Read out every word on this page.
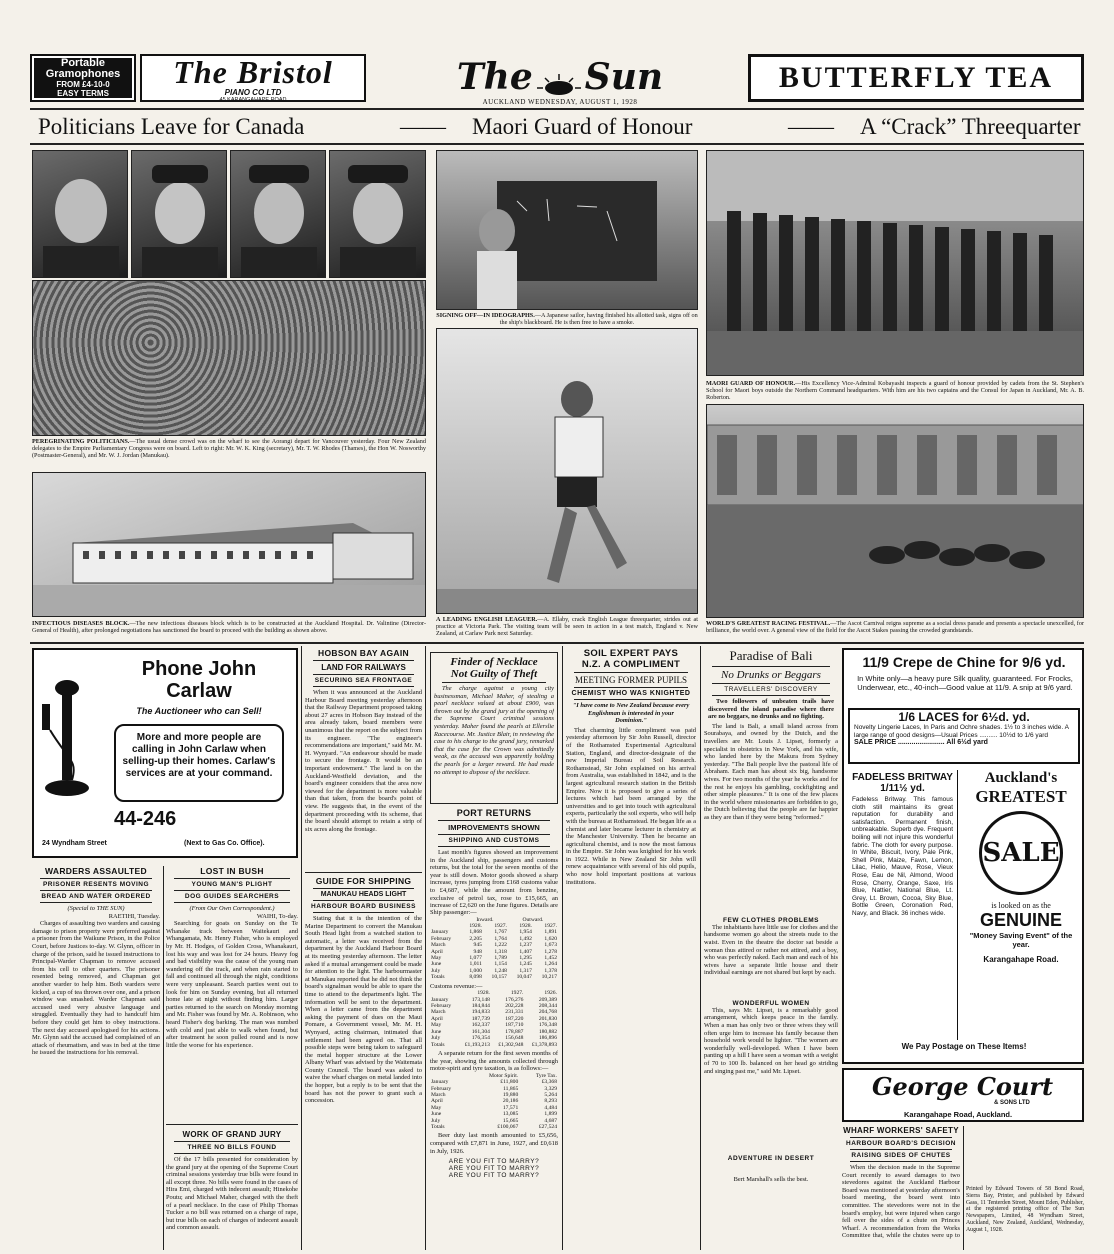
Portable
Gramophones
FROM £4-10-0
EASY TERMS
The Bristol
PIANO CO LTD
45 KARANGAHAPE ROAD
The Sun
AUCKLAND WEDNESDAY, AUGUST 1, 1928
BUTTERFLY TEA
Politicians Leave for Canada	—— Maori Guard of Honour	—— A “Crack” Threequarter
PEREGRINATING POLITICIANS.—The usual dense crowd was on the wharf to see the Aorangi depart for Vancouver yesterday. Four New Zealand delegates to the Empire Parliamentary Congress were on board. Left to right: Mr. W. K. King (secretary), Mr. T. W. Rhodes (Thames), the Hon W. Nosworthy (Postmaster-General), and Mr. W. J. Jordan (Manukau).
INFECTIOUS DISEASES BLOCK.—The new infectious diseases block which is to be constructed at the Auckland Hospital. Dr. Valintine (Director-General of Health), after prolonged negotiations has sanctioned the board to proceed with the building as shown above.
SIGNING OFF—IN IDEOGRAPHS.—A Japanese sailor, having finished his allotted task, signs off on the ship's blackboard. He is then free to have a smoke.
A LEADING ENGLISH LEAGUER.—A. Ellaby, crack English League threequarter, strides out at practice at Victoria Park. The visiting team will be seen in action in a test match, England v. New Zealand, at Carlaw Park next Saturday.
MAORI GUARD OF HONOUR.—His Excellency Vice-Admiral Kobayashi inspects a guard of honour provided by cadets from the St. Stephen's School for Maori boys outside the Northern Command headquarters. With him are his two captains and the Consul for Japan in Auckland, Mr. A. B. Roberton.
WORLD'S GREATEST RACING FESTIVAL.—The Ascot Carnival reigns supreme as a social dress parade and presents a spectacle unexcelled, for brilliance, the world over. A general view of the field for the Ascot Stakes passing the crowded grandstands.
Phone John
Carlaw
The Auctioneer who can Sell!
More and more people are calling in John Carlaw when selling-up their homes. Carlaw's services are at your command.
44-246
24 Wyndham Street	(Next to Gas Co. Office).
WARDERS ASSAULTED
PRISONER RESENTS MOVING
BREAD AND WATER ORDERED
(Special to THE SUN)
RAETIHI, Tuesday.
Charges of assaulting two warders and causing damage to prison property were preferred against a prisoner from the Waikune Prison, in the Police Court, before Justices to-day. W. Glynn, officer in charge of the prison, said he issued instructions to Principal-Warder Chapman to remove accused from his cell to other quarters. The prisoner resented being removed, and Chapman got another warder to help him. Both warders were kicked, a cup of tea thrown over one, and a prison window was smashed. Warder Chapman said accused used very abusive language and struggled. Eventually they had to handcuff him before they could get him to obey instructions. The next day accused apologised for his actions. Mr. Glynn said the accused had complained of an attack of rheumatism, and was in bed at the time he issued the instructions for his removal.
LOST IN BUSH
YOUNG MAN'S PLIGHT
DOG GUIDES SEARCHERS
(From Our Own Correspondent.)
WAIHI, To-day.
Searching for goats on Sunday on the Te Whanake track between Waitekauri and Whangamata, Mr. Henry Fisher, who is employed by Mr. H. Hodges, of Golden Cross, Whanakauri, lost his way and was lost for 24 hours. Heavy fog and bad visibility was the cause of the young man wandering off the track, and when rain started to fall and continued all through the night, conditions were very unpleasant. Search parties went out to look for him on Sunday evening, but all returned home late at night without finding him. Larger parties returned to the search on Monday morning and Mr. Fisher was found by Mr. A. Robinson, who heard Fisher's dog barking. The man was numbed with cold and just able to walk when found, but after treatment he soon pulled round and is now little the worse for his experience.
WORK OF GRAND JURY
THREE NO BILLS FOUND
Of the 17 bills presented for consideration by the grand jury at the opening of the Supreme Court criminal sessions yesterday true bills were found in all except three. No bills were found in the cases of Hira Emi, charged with indecent assault; Hinekohe Poutu; and Michael Maher, charged with the theft of a pearl necklace. In the case of Philip Thomas Tucker a no bill was returned on a charge of rape, but true bills on each of charges of indecent assault and common assault.
HOBSON BAY AGAIN
LAND FOR RAILWAYS
SECURING SEA FRONTAGE
When it was announced at the Auckland Harbour Board meeting yesterday afternoon that the Railway Department proposed taking about 27 acres in Hobson Bay instead of the area already taken, board members were unanimous that the report on the subject from its engineer. "The engineer's recommendations are important," said Mr. M. H. Wynyard. "An endeavour should be made to secure the frontage. It would be an important endowment." The land is on the Auckland-Westfield deviation, and the board's engineer considers that the area now viewed for the department is more valuable than that taken, from the board's point of view. He suggests that, in the event of the department proceeding with its scheme, that the board should attempt to retain a strip of six acres along the frontage.
GUIDE FOR SHIPPING
MANUKAU HEADS LIGHT
HARBOUR BOARD BUSINESS
Stating that it is the intention of the Marine Department to convert the Manukau South Head light from a watched station to automatic, a letter was received from the department by the Auckland Harbour Board at its meeting yesterday afternoon. The letter asked if a mutual arrangement could be made for attention to the light. The harbourmaster at Manukau reported that he did not think the board's signalman would be able to spare the time to attend to the department's light. The information will be sent to the department. When a letter came from the department asking the payment of dues on the Maui Pomare, a Government vessel, Mr. M. H. Wynyard, acting chairman, intimated that settlement had been agreed on. That all possible steps were being taken to safeguard the metal hopper structure at the Lower Albany Wharf was advised by the Waitemata County Council. The board was asked to waive the wharf charges on metal landed into the hopper, but a reply is to be sent that the board has not the power to grant such a concession.
Finder of Necklace
Not Guilty of Theft
The charge against a young city businessman, Michael Maher, of stealing a pearl necklace valued at about £900, was thrown out by the grand jury at the opening of the Supreme Court criminal sessions yesterday. Maher found the pearls at Ellerslie Racecourse. Mr. Justice Blair, in reviewing the case to his charge to the grand jury, remarked that the case for the Crown was admittedly weak, as the accused was apparently holding the pearls for a larger reward. He had made no attempt to dispose of the necklace.
PORT RETURNS
IMPROVEMENTS SHOWN
SHIPPING AND CUSTOMS
Last month's figures showed an improvement in the Auckland ship, passengers and customs returns, but the total for the seven months of the year is still down. Motor goods showed a sharp increase, tyres jumping from £168 customs value to £4,687, while the amount from benzine, exclusive of petrol tax, rose to £15,665, an increase of £2,620 on the June figures. Details are
Ship passenger:—
	Inward.		Outward.	
	1928.	1927.	1928.	1927.
January	1,868	1,767	1,954	1,891
February	2,205	1,764	1,492	1,620
March	945	1,222	1,237	1,673
April	948	1,318	1,407	1,278
May	1,077	1,789	1,295	1,452
June	1,011	1,154	1,245	1,264
July	1,000	1,248	1,317	1,378
Totals	8,098	10,157	10,047	10,217
Customs revenue:—
	1928.	1927.	1926.
January	173,148	176,276	209,389
February	184,844	202,228	208,344
March	194,833	231,331	204,768
April	187,739	187,220	201,830
May	162,337	187,710	176,348
June	161,304	178,887	180,882
July	176,354	156,648	186,896
Totals	£1,193,213	£1,302,948	£1,378,893
A separate return for the first seven months of the year, showing the amounts collected through motor-spirit and tyre taxation, is as follows:—
	Motor Spirit.	Tyre Tax.
January	£11,800	£3,368
February	11,865	3,329
March	19,880	5,264
April	20,186	8,293
May	17,571	4,484
June	13,085	1,899
July	15,665	4,687
Totals	£100,067	£27,524
Beer duty last month amounted to £5,656, compared with £7,871 in June, 1927, and £0,618 in July, 1926.
ARE YOU FIT TO MARRY?
ARE YOU FIT TO MARRY?
ARE YOU FIT TO MARRY?
SOIL EXPERT PAYS
N.Z. A COMPLIMENT
MEETING FORMER PUPILS
CHEMIST WHO WAS KNIGHTED
"I have come to New Zealand because every Englishman is interested in your Dominion."
That charming little compliment was paid yesterday afternoon by Sir John Russell, director of the Rothamsted Experimental Agricultural Station, England, and director-designate of the new Imperial Bureau of Soil Research. Rothamstead, Sir John explained on his arrival from Australia, was established in 1842, and is the largest agricultural research station in the British Empire. Now it is proposed to give a series of lectures which had been arranged by the universities and to get into touch with agricultural experts, particularly the soil experts, who will help with the bureau at Rothamstead. He began life as a chemist and later became lecturer in chemistry at the Manchester University. Then he became an agricultural chemist, and is now the most famous in the Empire. Sir John was knighted for his work in 1922. While in New Zealand Sir John will renew acquaintance with several of his old pupils, who now hold important positions at various institutions.
Paradise of Bali
No Drunks or Beggars
TRAVELLERS' DISCOVERY
Two followers of unbeaten trails have discovered the island paradise where there are no beggars, no drunks and no fighting.
The land is Bali, a small island across from Sourabaya, and owned by the Dutch, and the travellers are Mr. Louis J. Lipset, formerly a specialist in obstetrics in New York, and his wife, who landed here by the Makura from Sydney yesterday. "The Bali people live the pastoral life of Abraham. Each man has about six big, handsome wives. For two months of the year he works and for the rest he enjoys his gambling, cockfighting and other simple pleasures." It is one of the few places in the world where missionaries are forbidden to go, the Dutch believing that the people are far happier as they are than if they were being "reformed."
FEW CLOTHES PROBLEMS
The inhabitants have little use for clothes and the handsome women go about the streets nude to the waist. Even in the theatre the doctor sat beside a woman thus attired or rather not attired, and a boy, who was perfectly naked. Each man and each of his wives have a separate little house and their individual earnings are not shared but kept by each.
WONDERFUL WOMEN
This, says Mr. Lipset, is a remarkably good arrangement, which keeps peace in the family. When a man has only two or three wives they will often urge him to increase his family because then household work would be lighter. "The women are wonderfully well-developed. When I have been panting up a hill I have seen a woman with a weight of 70 to 100 lb. balanced on her head go striding and singing past me," said Mr. Lipset.
ADVENTURE IN DESERT
Bert Marshall's sells the best.
11/9 Crepe de Chine for 9/6 yd.
In White only—a heavy pure Silk quality, guaranteed. For Frocks, Underwear, etc., 40-inch—Good value at 11/9. A snip at 9/6 yard.
1/6 LACES for 6½d. yd.
Novelty Lingerie Laces, In Paris and Ochre shades. 1½ to 3 inches wide. A large range of good designs—Usual Prices .......... 10½d to 1/6 yard
SALE PRICE ........................ All 6½d yard
FADELESS BRITWAY 1/11½ yd.
Fadeless Britway. This famous cloth still maintains its great reputation for durability and satisfaction. Permanent finish, unbreakable. Superb dye. Frequent boiling will not injure this wonderful fabric. The cloth for every purpose. In White, Biscuit, Ivory, Pale Pink, Shell Pink, Maize, Fawn, Lemon, Lilac, Helio, Mauve, Rose, Vieux Rose, Eau de Nil, Almond, Wood Rose, Cherry, Orange, Saxe, Iris Blue, Nattier, National Blue, Lt. Grey, Lt. Brown, Cocoa, Sky Blue, Bottle Green, Coronation Red, Navy, and Black. 36 inches wide.
Auckland's
GREATEST
SALE
is looked on as the
GENUINE
"Money Saving Event" of the year.
Karangahape Road.
We Pay Postage on These Items!
George Court
& SONS LTD
Karangahape Road, Auckland.
WHARF WORKERS' SAFETY
HARBOUR BOARD'S DECISION
RAISING SIDES OF CHUTES
When the decision made in the Supreme Court recently to award damages to two stevedores against the Auckland Harbour Board was mentioned at yesterday afternoon's board meeting, the board went into committee. The stevedores were not in the board's employ, but were injured when cargo fell over the sides of a chute on Princes Wharf. A recommendation from the Works Committee that, while the chutes were up to
Printed by Edward Towers of 58 Bond Road, Sierra Bay, Printer, and published by Edward Gass, 11 Tenterden Street, Mount Eden, Publisher, at the registered printing office of The Sun Newspapers, Limited, 48 Wyndham Street, Auckland, New Zealand, Auckland, Wednesday, August 1, 1928.
